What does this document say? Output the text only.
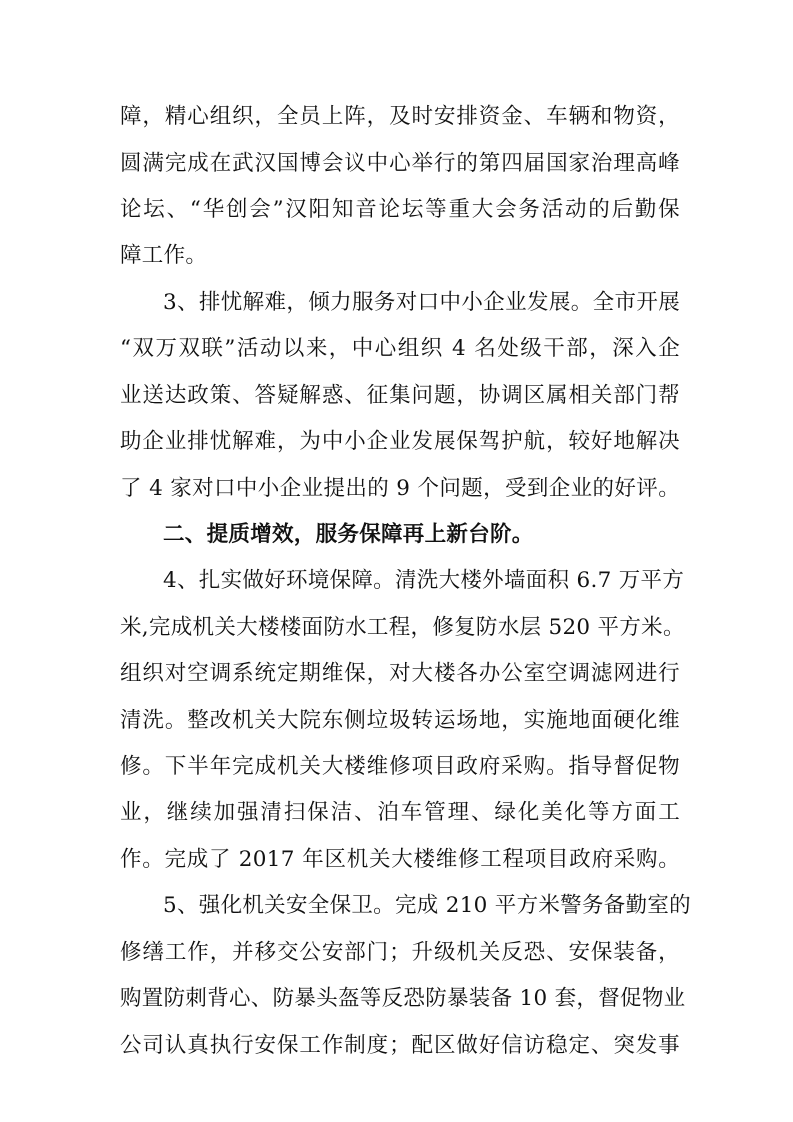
障，精心组织，全员上阵，及时安排资金、车辆和物资，
圆满完成在武汉国博会议中心举行的第四届国家治理高峰
论坛、“华创会”汉阳知音论坛等重大会务活动的后勤保
障工作。
3、排忧解难，倾力服务对口中小企业发展。全市开展
“双万双联”活动以来，中心组织 4 名处级干部，深入企
业送达政策、答疑解惑、征集问题，协调区属相关部门帮
助企业排忧解难，为中小企业发展保驾护航，较好地解决
了 4 家对口中小企业提出的 9 个问题，受到企业的好评。
二、提质增效，服务保障再上新台阶。
4、扎实做好环境保障。清洗大楼外墙面积 6.7 万平方
米,完成机关大楼楼面防水工程，修复防水层 520 平方米。
组织对空调系统定期维保，对大楼各办公室空调滤网进行
清洗。整改机关大院东侧垃圾转运场地，实施地面硬化维
修。下半年完成机关大楼维修项目政府采购。指导督促物
业，继续加强清扫保洁、泊车管理、绿化美化等方面工
作。完成了 2017 年区机关大楼维修工程项目政府采购。
5、强化机关安全保卫。完成 210 平方米警务备勤室的
修缮工作，并移交公安部门；升级机关反恐、安保装备，
购置防刺背心、防暴头盔等反恐防暴装备 10 套，督促物业
公司认真执行安保工作制度；配区做好信访稳定、突发事
